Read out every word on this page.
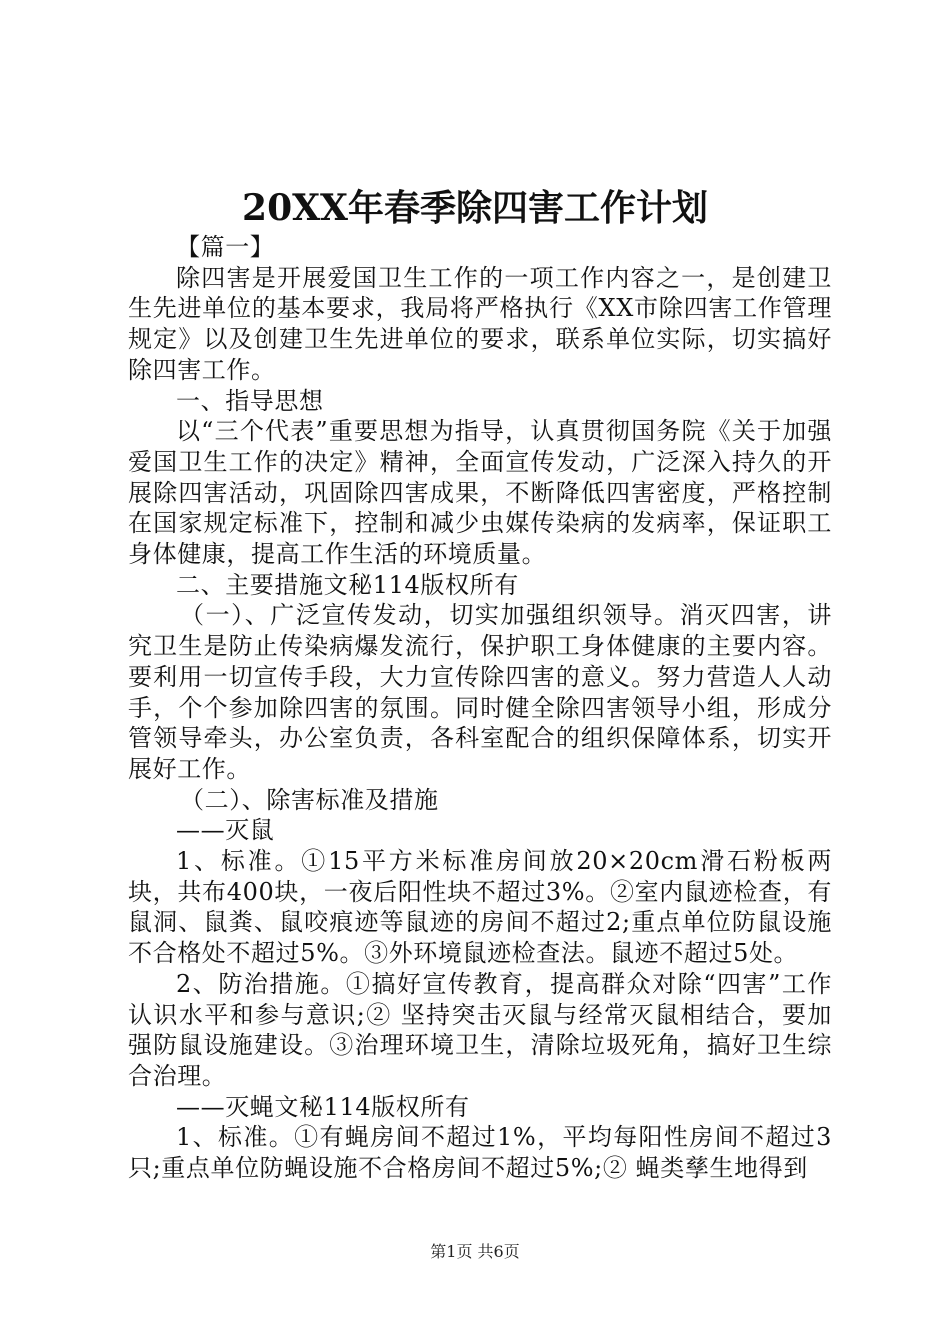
20XX年春季除四害工作计划

【篇一】

除四害是开展爱国卫生工作的一项工作内容之一，是创建卫生先进单位的基本要求，我局将严格执行《XX市除四害工作管理规定》以及创建卫生先进单位的要求，联系单位实际，切实搞好除四害工作。

一、指导思想

以“三个代表”重要思想为指导，认真贯彻国务院《关于加强爱国卫生工作的决定》精神，全面宣传发动，广泛深入持久的开展除四害活动，巩固除四害成果，不断降低四害密度，严格控制在国家规定标准下，控制和减少虫媒传染病的发病率，保证职工身体健康，提高工作生活的环境质量。

二、主要措施文秘114版权所有

（一）、广泛宣传发动，切实加强组织领导。消灭四害，讲究卫生是防止传染病爆发流行，保护职工身体健康的主要内容。要利用一切宣传手段，大力宣传除四害的意义。努力营造人人动手，个个参加除四害的氛围。同时健全除四害领导小组，形成分管领导牵头，办公室负责，各科室配合的组织保障体系，切实开展好工作。

（二）、除害标准及措施

——灭鼠

1、标准。①15平方米标准房间放20×20cm滑石粉板两块，共布400块，一夜后阳性块不超过3%。②室内鼠迹检查，有鼠洞、鼠粪、鼠咬痕迹等鼠迹的房间不超过2;重点单位防鼠设施不合格处不超过5%。③外环境鼠迹检查法。鼠迹不超过5处。

2、防治措施。①搞好宣传教育，提高群众对除“四害”工作认识水平和参与意识;② 坚持突击灭鼠与经常灭鼠相结合，要加强防鼠设施建设。③治理环境卫生，清除垃圾死角，搞好卫生综合治理。

——灭蝇文秘114版权所有

1、标准。①有蝇房间不超过1%，平均每阳性房间不超过3只;重点单位防蝇设施不合格房间不超过5%;② 蝇类孳生地得到

第1页 共6页
